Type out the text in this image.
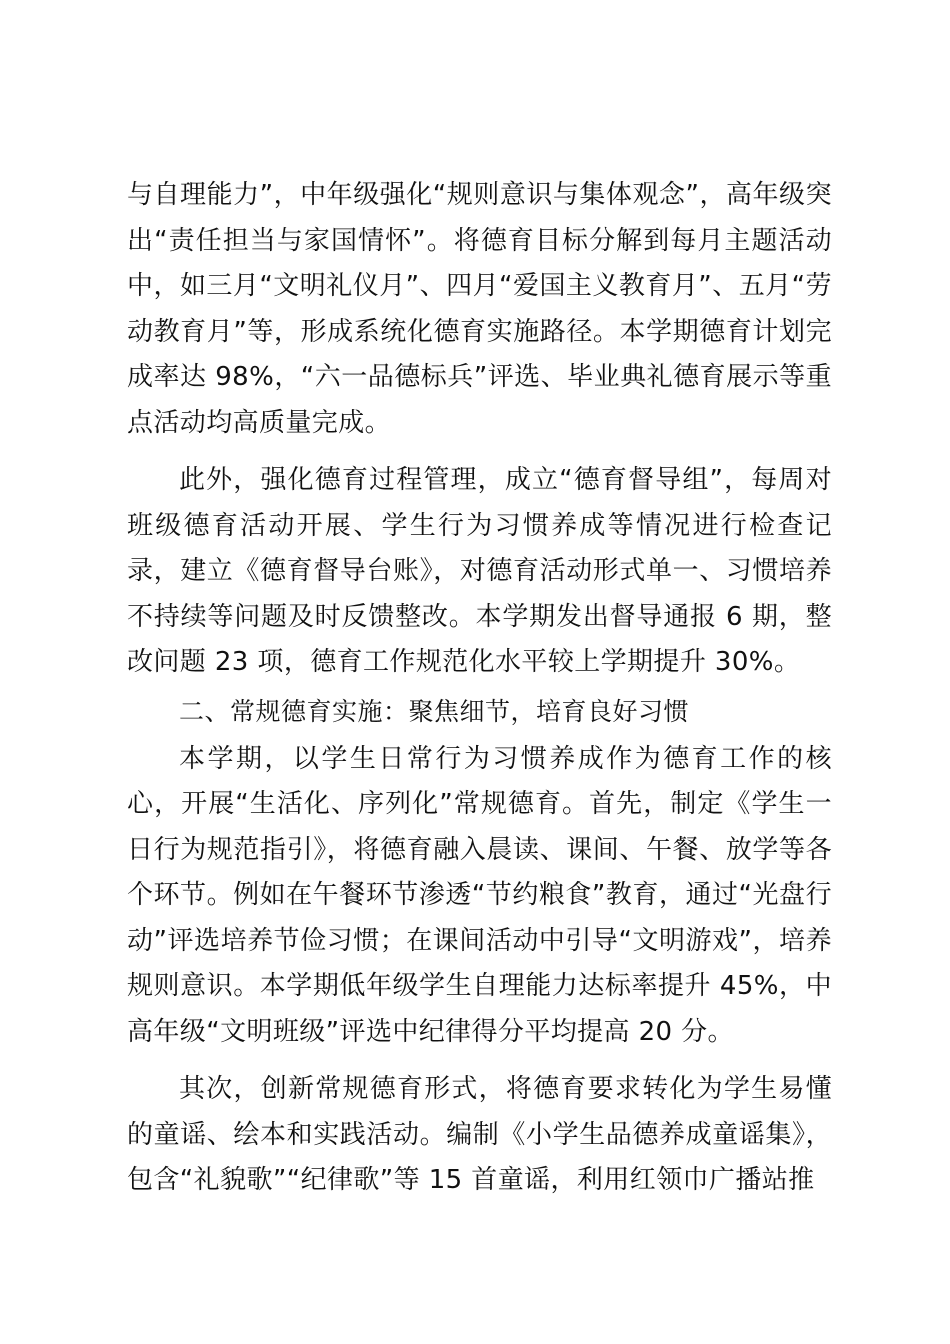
与自理能力”，中年级强化“规则意识与集体观念”，高年级突出“责任担当与家国情怀”。将德育目标分解到每月主题活动中，如三月“文明礼仪月”、四月“爱国主义教育月”、五月“劳动教育月”等，形成系统化德育实施路径。本学期德育计划完成率达 98%，“六一品德标兵”评选、毕业典礼德育展示等重点活动均高质量完成。

此外，强化德育过程管理，成立“德育督导组”，每周对班级德育活动开展、学生行为习惯养成等情况进行检查记录，建立《德育督导台账》，对德育活动形式单一、习惯培养不持续等问题及时反馈整改。本学期发出督导通报 6 期，整改问题 23 项，德育工作规范化水平较上学期提升 30%。

二、常规德育实施：聚焦细节，培育良好习惯

本学期，以学生日常行为习惯养成作为德育工作的核心，开展“生活化、序列化”常规德育。首先，制定《学生一日行为规范指引》，将德育融入晨读、课间、午餐、放学等各个环节。例如在午餐环节渗透“节约粮食”教育，通过“光盘行动”评选培养节俭习惯；在课间活动中引导“文明游戏”，培养规则意识。本学期低年级学生自理能力达标率提升 45%，中高年级“文明班级”评选中纪律得分平均提高 20 分。

其次，创新常规德育形式，将德育要求转化为学生易懂的童谣、绘本和实践活动。编制《小学生品德养成童谣集》，包含“礼貌歌”“纪律歌”等 15 首童谣，利用红领巾广播站推
